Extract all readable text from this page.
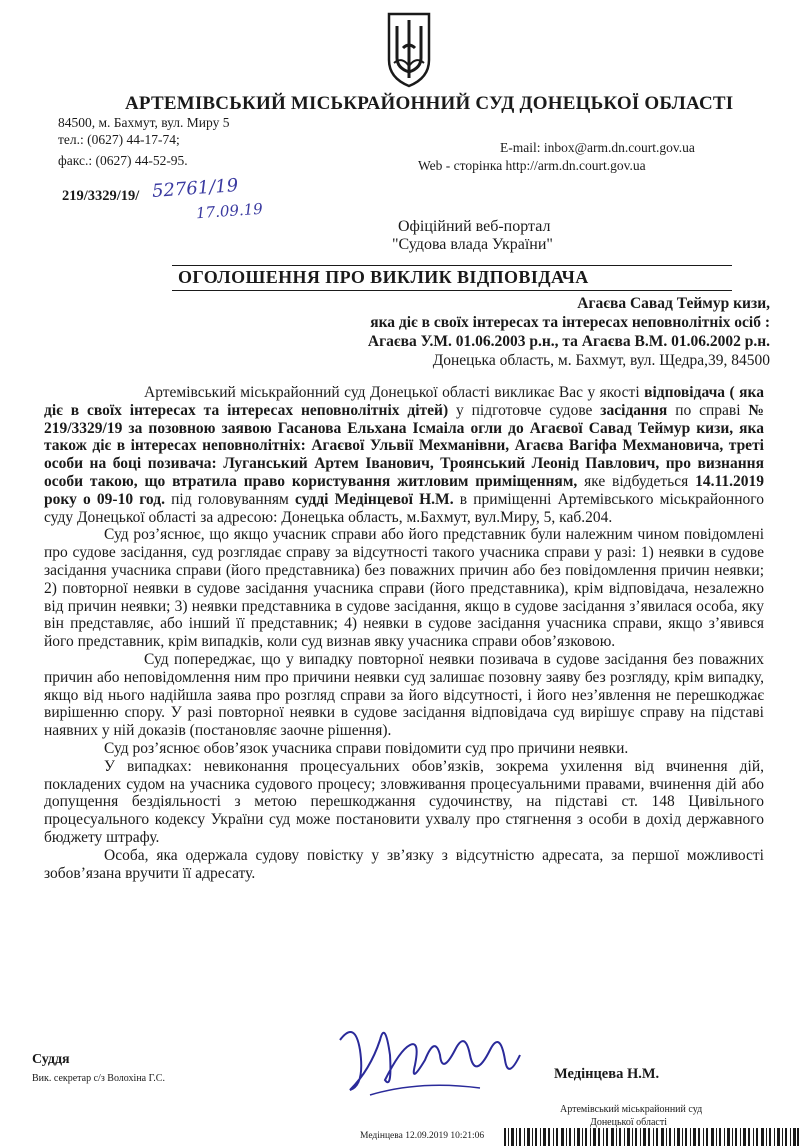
АРТЕМІВСЬКИЙ МІСЬКРАЙОННИЙ СУД ДОНЕЦЬКОЇ ОБЛАСТІ
84500, м. Бахмут, вул. Миру 5
тел.: (0627) 44-17-74;
факс.: (0627) 44-52-95.
E-mail: inbox@arm.dn.court.gov.ua
Web - сторінка http://arm.dn.court.gov.ua
219/3329/19/ 52761/19
17.09.19
Офіційний веб-портал
"Судова влада України"
ОГОЛОШЕННЯ ПРО ВИКЛИК ВІДПОВІДАЧА
Агаєва Савад Теймур кизи,
яка діє в своїх інтересах та інтересах неповнолітніх осіб :
Агаєва У.М. 01.06.2003 р.н., та Агаєва В.М. 01.06.2002 р.н.
Донецька область, м. Бахмут, вул. Щедра,39, 84500

Артемівський міськрайонний суд Донецької області викликає Вас у якості відповідача ( яка діє в своїх інтересах та інтересах неповнолітніх дітей) у підготовче судове засідання по справі № 219/3329/19 за позовною заявою Гасанова Ельхана Ісмаіла огли до Агаєвої Савад Теймур кизи, яка також діє в інтересах неповнолітніх: Агаєвої Ульвії Мехманівни, Агаєва Вагіфа Мехмановича, треті особи на боці позивача: Луганський Артем Іванович, Троянський Леонід Павлович, про визнання особи такою, що втратила право користування житловим приміщенням, яке відбудеться 14.11.2019 року о 09-10 год. під головуванням судді Медінцевої Н.М. в приміщенні Артемівського міськрайонного суду Донецької області за адресою: Донецька область, м.Бахмут, вул.Миру, 5, каб.204.

Суд роз’яснює, що якщо учасник справи або його представник були належним чином повідомлені про судове засідання, суд розглядає справу за відсутності такого учасника справи у разі: 1) неявки в судове засідання учасника справи (його представника) без поважних причин або без повідомлення причин неявки; 2) повторної неявки в судове засідання учасника справи (його представника), крім відповідача, незалежно від причин неявки; 3) неявки представника в судове засідання, якщо в судове засідання з’явилася особа, яку він представляє, або інший її представник; 4) неявки в судове засідання учасника справи, якщо з’явився його представник, крім випадків, коли суд визнав явку учасника справи обов’язковою.

Суд попереджає, що у випадку повторної неявки позивача в судове засідання без поважних причин або неповідомлення ним про причини неявки суд залишає позовну заяву без розгляду, крім випадку, якщо від нього надійшла заява про розгляд справи за його відсутності, і його нез’явлення не перешкоджає вирішенню спору. У разі повторної неявки в судове засідання відповідача суд вирішує справу на підставі наявних у ній доказів (постановляє заочне рішення).

Суд роз’яснює обов’язок учасника справи повідомити суд про причини неявки.

У випадках: невиконання процесуальних обов’язків, зокрема ухилення від вчинення дій, покладених судом на учасника судового процесу; зловживання процесуальними правами, вчинення дій або допущення бездіяльності з метою перешкоджання судочинству, на підставі ст. 148 Цивільного процесуального кодексу України суд може постановити ухвалу про стягнення з особи в дохід державного бюджету штрафу.

Особа, яка одержала судову повістку у зв’язку з відсутністю адресата, за першої можливості зобов’язана вручити її адресату.

Суддя
Вик. секретар с/з Волохіна Г.С.	Медінцева Н.М.
Артемівський міськрайонний суд
Донецької області
Медінцева 12.09.2019 10:21:06
